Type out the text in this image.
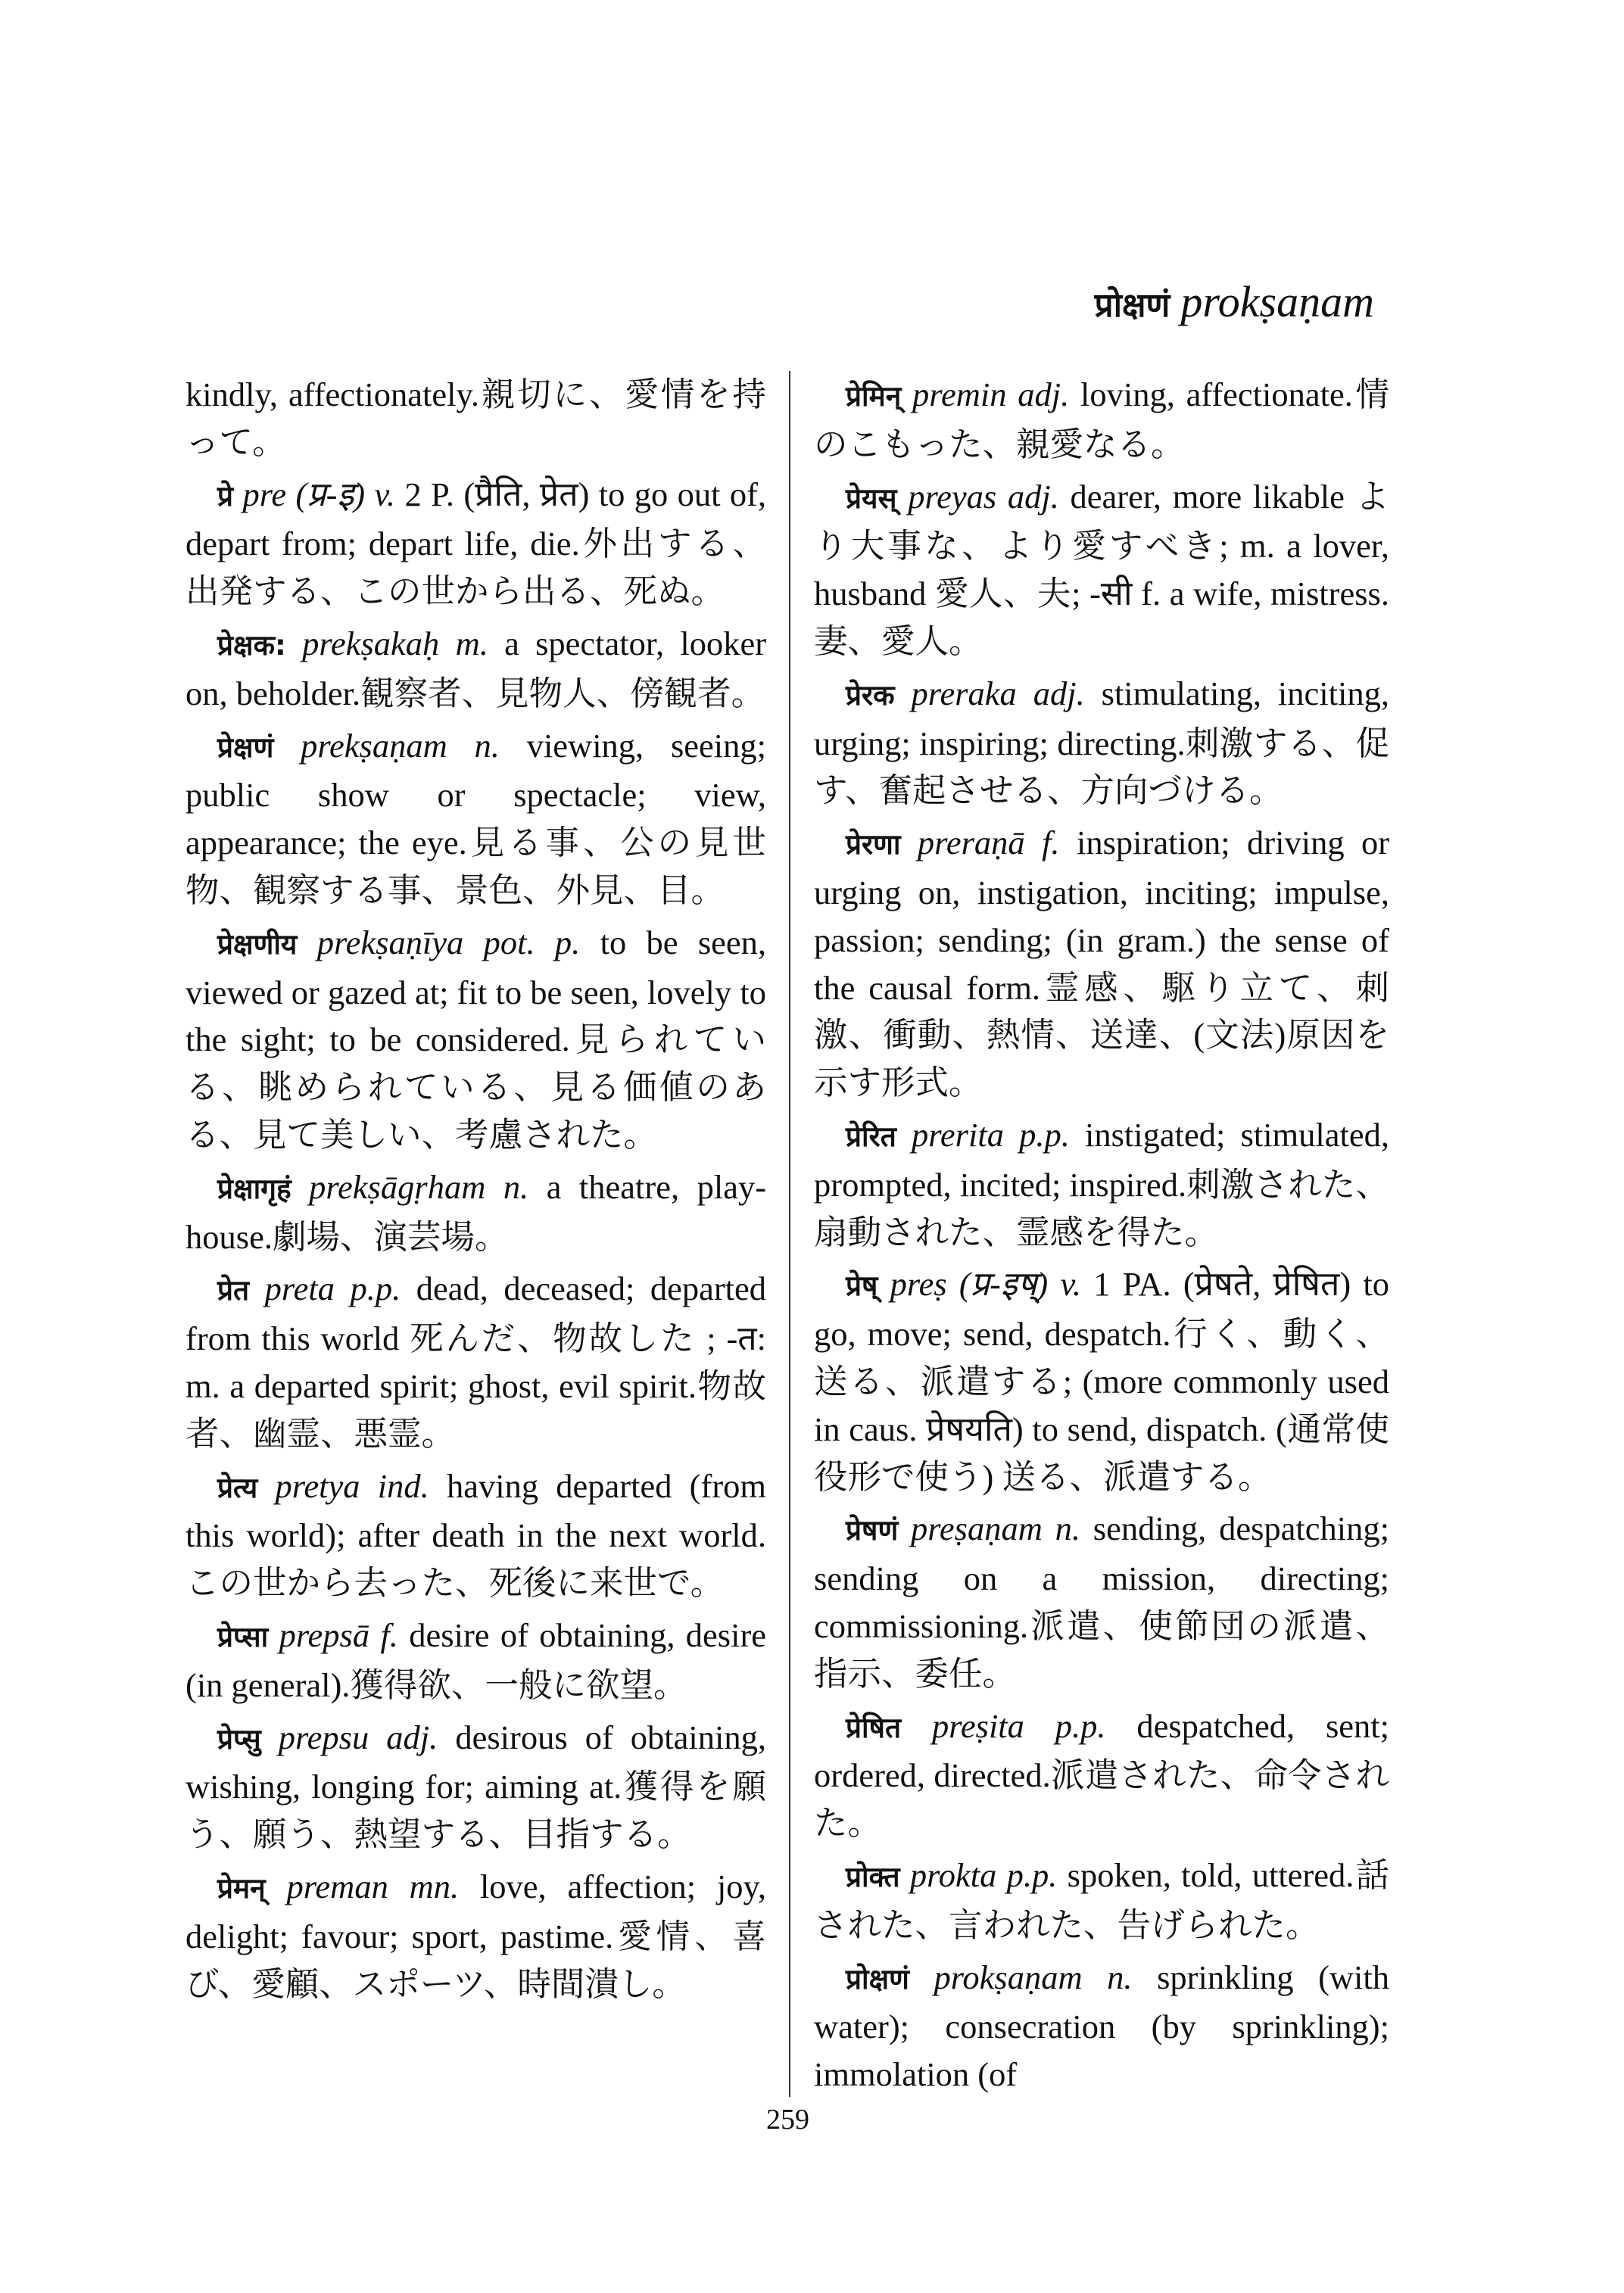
प्रोक्षणं prokṣaṇam

kindly, affectionately.親切に、愛情を持って。

प्रे pre (प्र-इ) v. 2 P. (प्रैति, प्रेत) to go out of, depart from; depart life, die.外出する、出発する、この世から出る、死ぬ。

प्रेक्षक: prekṣakaḥ m. a spectator, looker on, beholder.観察者、見物人、傍観者。

प्रेक्षणं prekṣaṇam n. viewing, seeing; public show or spectacle; view, appearance; the eye.見る事、公の見世物、観察する事、景色、外見、目。

प्रेक्षणीय prekṣaṇīya pot. p. to be seen, viewed or gazed at; fit to be seen, lovely to the sight; to be considered.見られている、眺められている、見る価値のある、見て美しい、考慮された。

प्रेक्षागृहं prekṣāgṛham n. a theatre, play-house.劇場、演芸場。

प्रेत preta p.p. dead, deceased; departed from this world 死んだ、物故した ; -त: m. a departed spirit; ghost, evil spirit.物故者、幽霊、悪霊。

प्रेत्य pretya ind. having departed (from this world); after death in the next world.この世から去った、死後に来世で。

प्रेप्सा prepsā f. desire of obtaining, desire (in general).獲得欲、一般に欲望。

प्रेप्सु prepsu adj. desirous of obtaining, wishing, longing for; aiming at.獲得を願う、願う、熱望する、目指する。

प्रेमन् preman mn. love, affection; joy, delight; favour; sport, pastime.愛情、喜び、愛顧、スポーツ、時間潰し。

प्रेमिन् premin adj. loving, affectionate.情のこもった、親愛なる。

प्रेयस् preyas adj. dearer, more likable より大事な、より愛すべき; m. a lover, husband 愛人、夫; -सी f. a wife, mistress.妻、愛人。

प्रेरक preraka adj. stimulating, inciting, urging; inspiring; directing.刺激する、促す、奮起させる、方向づける。

प्रेरणा preraṇā f. inspiration; driving or urging on, instigation, inciting; impulse, passion; sending; (in gram.) the sense of the causal form.霊感、駆り立て、刺激、衝動、熱情、送達、(文法)原因を示す形式。

प्रेरित prerita p.p. instigated; stimulated, prompted, incited; inspired.刺激された、扇動された、霊感を得た。

प्रेष् preṣ (प्र-इष्) v. 1 PA. (प्रेषते, प्रेषित) to go, move; send, despatch.行く、動く、送る、派遣する; (more commonly used in caus. प्रेषयति) to send, dispatch. (通常使役形で使う) 送る、派遣する。

प्रेषणं preṣaṇam n. sending, despatching; sending on a mission, directing; commissioning.派遣、使節団の派遣、指示、委任。

प्रेषित preṣita p.p. despatched, sent; ordered, directed.派遣された、命令された。

प्रोक्त prokta p.p. spoken, told, uttered.話された、言われた、告げられた。

प्रोक्षणं prokṣaṇam n. sprinkling (with water); consecration (by sprinkling); immolation (of

259
